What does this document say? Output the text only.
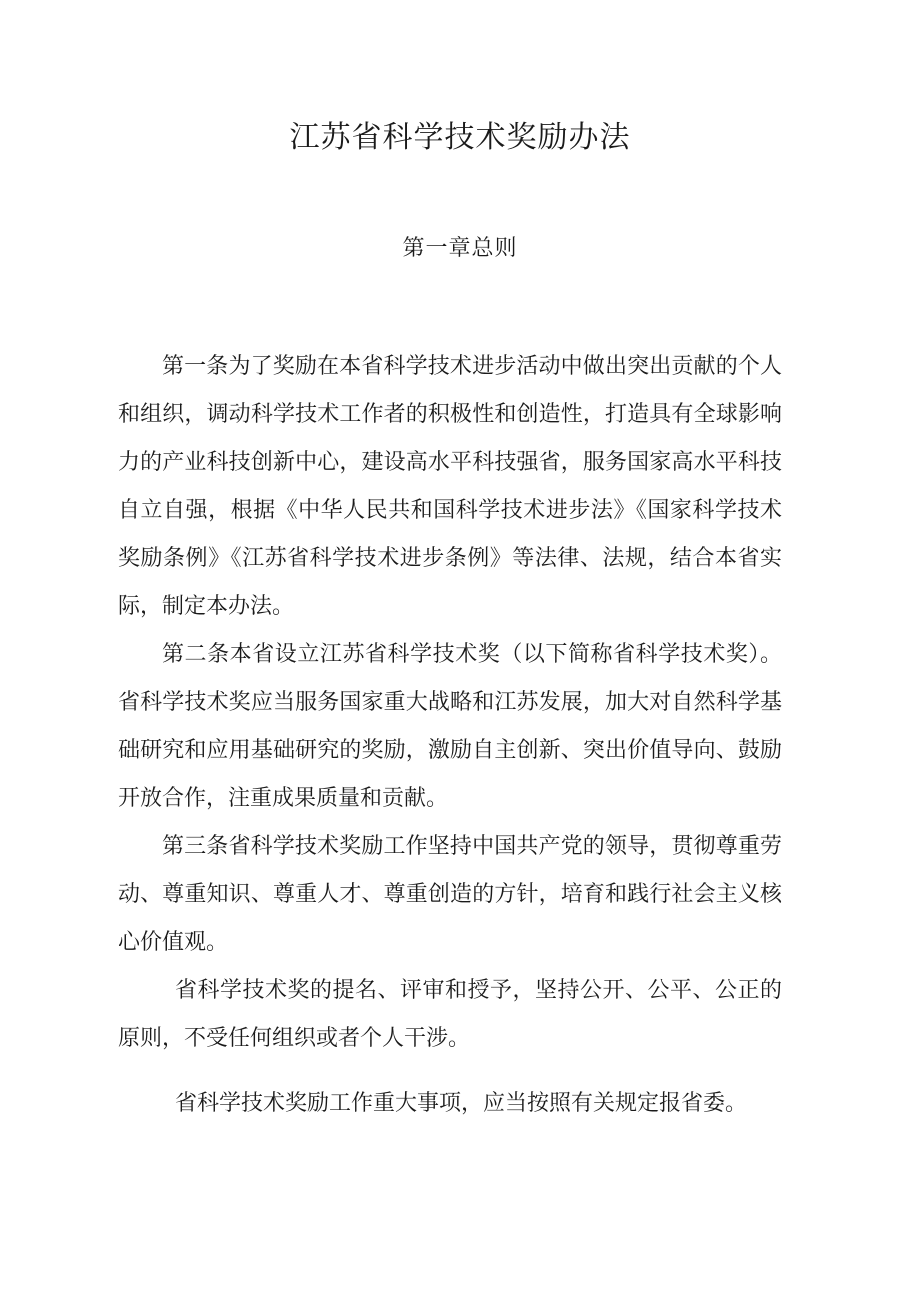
江苏省科学技术奖励办法
第一章总则

第一条为了奖励在本省科学技术进步活动中做出突出贡献的个人和组织，调动科学技术工作者的积极性和创造性，打造具有全球影响力的产业科技创新中心，建设高水平科技强省，服务国家高水平科技自立自强，根据《中华人民共和国科学技术进步法》《国家科学技术奖励条例》《江苏省科学技术进步条例》等法律、法规，结合本省实际，制定本办法。

第二条本省设立江苏省科学技术奖（以下简称省科学技术奖）。省科学技术奖应当服务国家重大战略和江苏发展，加大对自然科学基础研究和应用基础研究的奖励，激励自主创新、突出价值导向、鼓励开放合作，注重成果质量和贡献。

第三条省科学技术奖励工作坚持中国共产党的领导，贯彻尊重劳动、尊重知识、尊重人才、尊重创造的方针，培育和践行社会主义核心价值观。

省科学技术奖的提名、评审和授予，坚持公开、公平、公正的原则，不受任何组织或者个人干涉。

省科学技术奖励工作重大事项，应当按照有关规定报省委。
